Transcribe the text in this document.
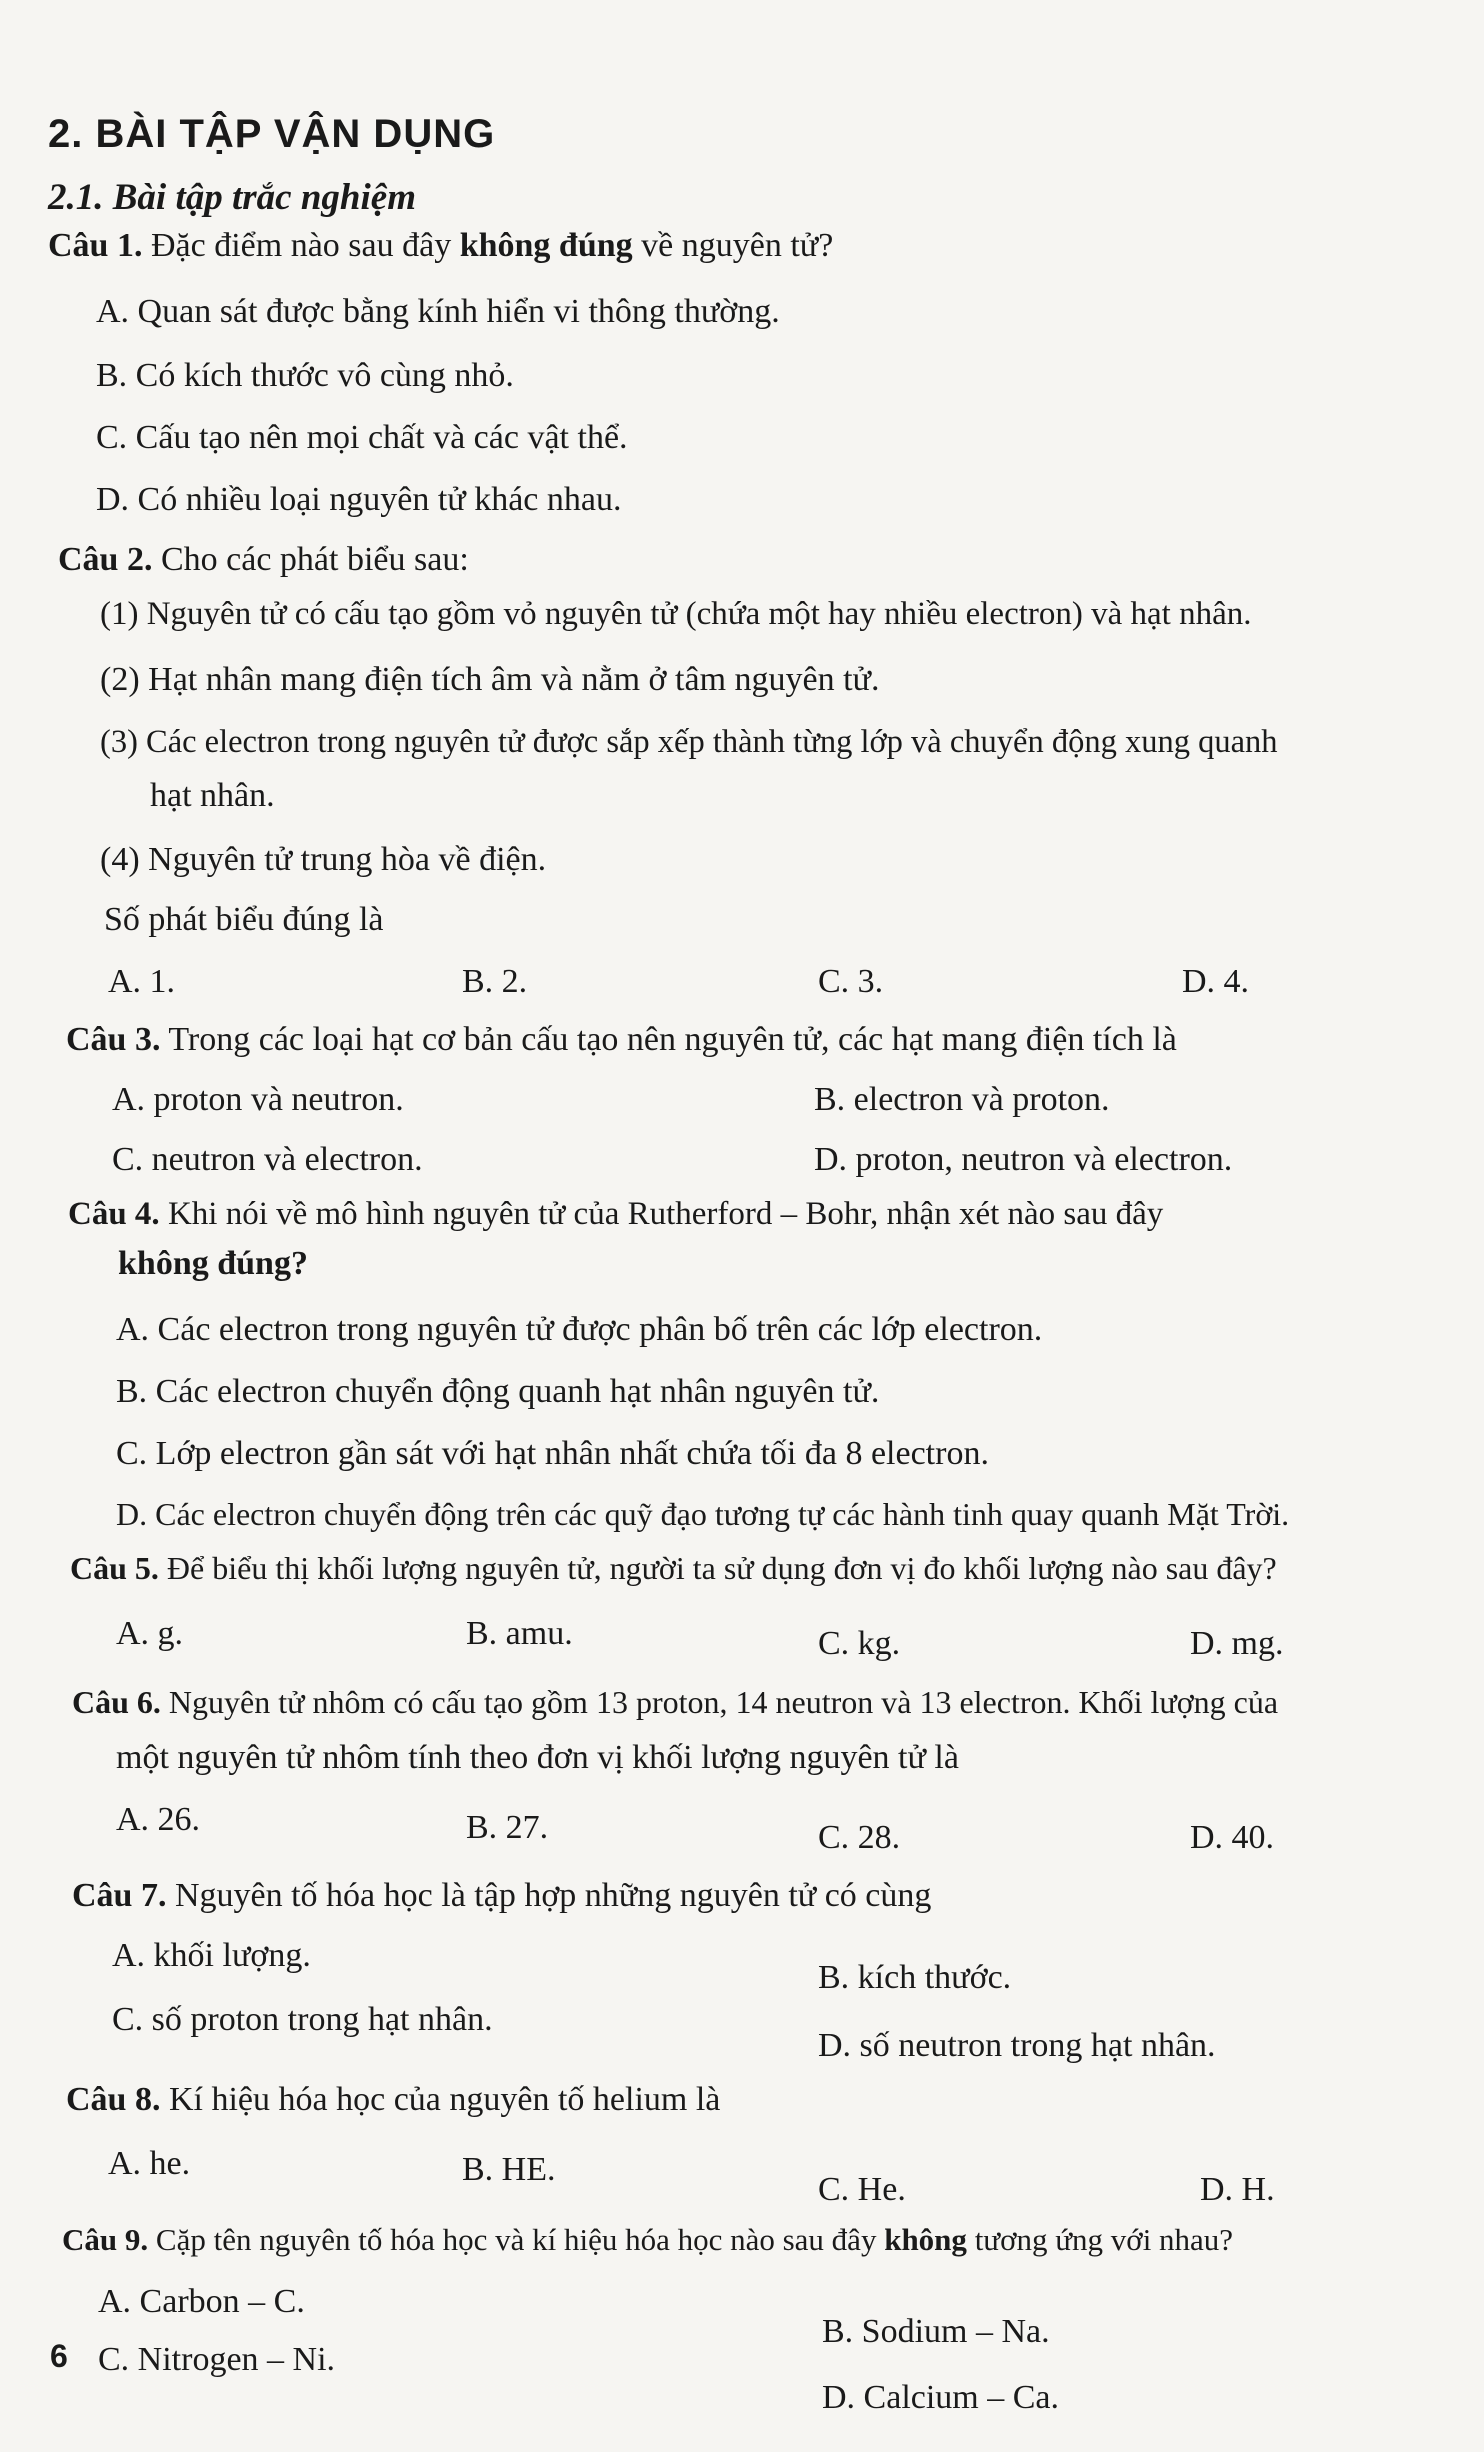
2. BÀI TẬP VẬN DỤNG
2.1. Bài tập trắc nghiệm
Câu 1. Đặc điểm nào sau đây không đúng về nguyên tử?
A. Quan sát được bằng kính hiển vi thông thường.
B. Có kích thước vô cùng nhỏ.
C. Cấu tạo nên mọi chất và các vật thể.
D. Có nhiều loại nguyên tử khác nhau.
Câu 2. Cho các phát biểu sau:
(1) Nguyên tử có cấu tạo gồm vỏ nguyên tử (chứa một hay nhiều electron) và hạt nhân.
(2) Hạt nhân mang điện tích âm và nằm ở tâm nguyên tử.
(3) Các electron trong nguyên tử được sắp xếp thành từng lớp và chuyển động xung quanh
hạt nhân.
(4) Nguyên tử trung hòa về điện.
Số phát biểu đúng là
A. 1.	B. 2.	C. 3.	D. 4.
Câu 3. Trong các loại hạt cơ bản cấu tạo nên nguyên tử, các hạt mang điện tích là
A. proton và neutron.	B. electron và proton.
C. neutron và electron.	D. proton, neutron và electron.
Câu 4. Khi nói về mô hình nguyên tử của Rutherford – Bohr, nhận xét nào sau đây
không đúng?
A. Các electron trong nguyên tử được phân bố trên các lớp electron.
B. Các electron chuyển động quanh hạt nhân nguyên tử.
C. Lớp electron gần sát với hạt nhân nhất chứa tối đa 8 electron.
D. Các electron chuyển động trên các quỹ đạo tương tự các hành tinh quay quanh Mặt Trời.
Câu 5. Để biểu thị khối lượng nguyên tử, người ta sử dụng đơn vị đo khối lượng nào sau đây?
A. g.	B. amu.	C. kg.	D. mg.
Câu 6. Nguyên tử nhôm có cấu tạo gồm 13 proton, 14 neutron và 13 electron. Khối lượng của
một nguyên tử nhôm tính theo đơn vị khối lượng nguyên tử là
A. 26.	B. 27.	C. 28.	D. 40.
Câu 7. Nguyên tố hóa học là tập hợp những nguyên tử có cùng
A. khối lượng.
B. kích thước.
C. số proton trong hạt nhân.
D. số neutron trong hạt nhân.
Câu 8. Kí hiệu hóa học của nguyên tố helium là
A. he.	B. HE.
C. He.	D. H.
Câu 9. Cặp tên nguyên tố hóa học và kí hiệu hóa học nào sau đây không tương ứng với nhau?
A. Carbon – C.
B. Sodium – Na.
C. Nitrogen – Ni.
D. Calcium – Ca.
6
